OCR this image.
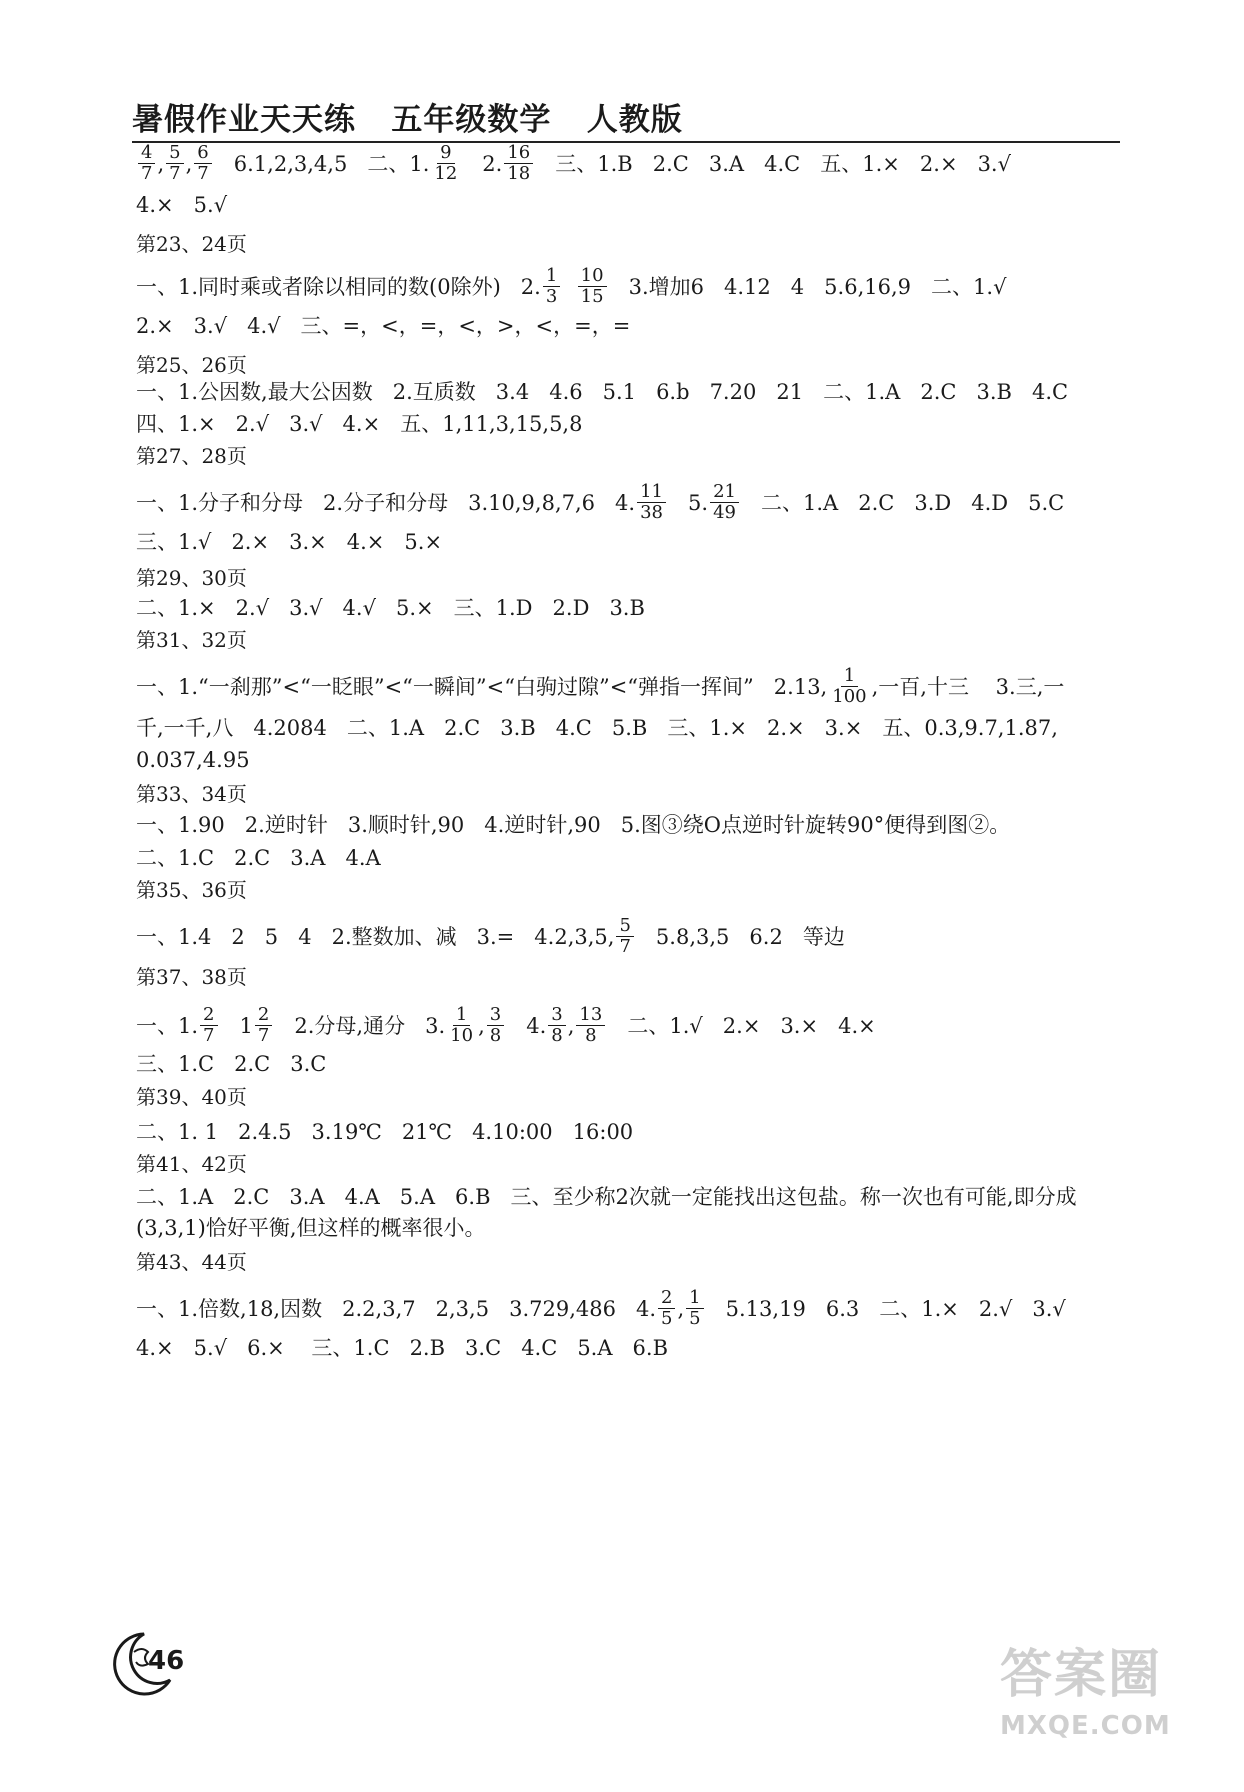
暑假作业天天练   五年级数学   人教版
$\frac{4}{7}$ , $\frac{5}{7}$ , $\frac{6}{7} 6.1,2,3,4,5$   二、1. $\frac{9}{12} 2$. $\frac{16}{18}$ 三、1.B   2.C   3.A   4.C   五、1.×   2.×   3.√
4.×   5.√
第23、24页
一、1.同时乘或者除以相同的数(0除外)   2. $\frac{1}{3}$
$\frac{10}{15} 3$.增加6   4.12   4   5.6,16,9   二、1.√
2.×   3.√   4.√   三、=，<，=，<，>，<，=，=
第25、26页
一、1.公因数,最大公因数   2.互质数   3.4   4.6   5.1   6.b   7.20   21   二、1.A   2.C   3.B   4.C
四、1.×   2.√   3.√   4.×   五、1,11,3,15,5,8
第27、28页
一、1.分子和分母   2.分子和分母   3.10,9,8,7,6   4. $\frac{11}{38} 5$. $\frac{21}{49}$ 二、1.A   2.C   3.D   4.D   5.C
三、1.√   2.×   3.×   4.×   5.×
第29、30页
二、1.×   2.√   3.√   4.√   5.×   三、1.D   2.D   3.B
第31、32页
一、1.“一刹那”<“一眨眼”<“一瞬间”<“白驹过隙”<“弹指一挥间”   2.13, $\frac{1}{100}$ ,一百,十三    3.三,一
千,一千,八   4.2084   二、1.A   2.C   3.B   4.C   5.B   三、1.×   2.×   3.×   五、0.3,9.7,1.87,
0.037,4.95
第33、34页
一、1.90   2.逆时针   3.顺时针,90   4.逆时针,90   5.图③绕O点逆时针旋转90°便得到图②。
二、1.C   2.C   3.A   4.A
第35、36页
一、1.4   2   5   4   2.整数加、减   3.=   4.2,3,5, $\frac{5}{7} 5.8,3,5$   6.2   等边
第37、38页
一、1. $\frac{2}{7} 1 \frac{2}{7} 2$.分母,通分   3. $\frac{1}{10}$ , $\frac{3}{8} 4$. $\frac{3}{8}$ , $\frac{13}{8}$ 二、1.√   2.×   3.×   4.×
三、1.C   2.C   3.C
第39、40页
二、1. 1   2.4.5   3.19℃   21℃   4.10:00   16:00
第41、42页
二、1.A   2.C   3.A   4.A   5.A   6.B   三、至少称2次就一定能找出这包盐。称一次也有可能,即分成
(3,3,1)恰好平衡,但这样的概率很小。
第43、44页
一、1.倍数,18,因数   2.2,3,7   2,3,5   3.729,486   4. $\frac{2}{5}$ , $\frac{1}{5} 5.13,19$   6.3   二、1.×   2.√   3.√
4.×   5.√   6.×    三、1.C   2.B   3.C   4.C   5.A   6.B
46	答案圈
MXQE.COM
